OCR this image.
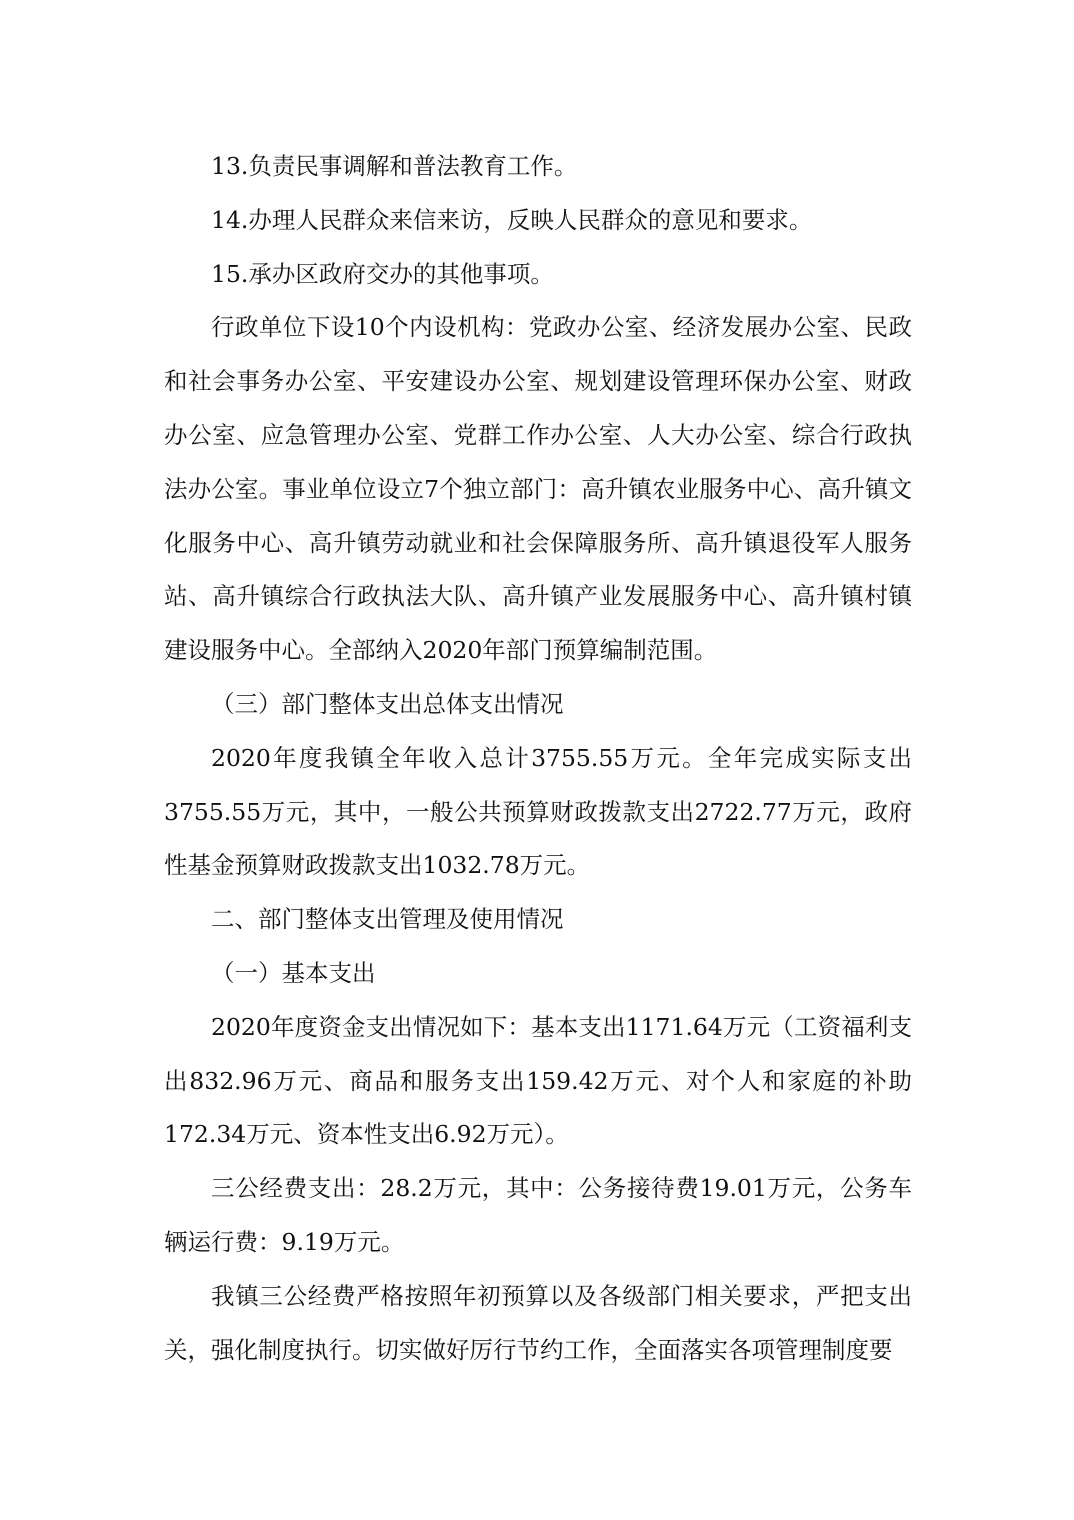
13.负责民事调解和普法教育工作。

14.办理人民群众来信来访，反映人民群众的意见和要求。

15.承办区政府交办的其他事项。

行政单位下设10个内设机构：党政办公室、经济发展办公室、民政和社会事务办公室、平安建设办公室、规划建设管理环保办公室、财政办公室、应急管理办公室、党群工作办公室、人大办公室、综合行政执法办公室。事业单位设立7个独立部门：高升镇农业服务中心、高升镇文化服务中心、高升镇劳动就业和社会保障服务所、高升镇退役军人服务站、高升镇综合行政执法大队、高升镇产业发展服务中心、高升镇村镇建设服务中心。全部纳入2020年部门预算编制范围。

（三）部门整体支出总体支出情况

2020年度我镇全年收入总计3755.55万元。全年完成实际支出3755.55万元，其中，一般公共预算财政拨款支出2722.77万元，政府性基金预算财政拨款支出1032.78万元。

二、部门整体支出管理及使用情况

（一）基本支出

2020年度资金支出情况如下：基本支出1171.64万元（工资福利支出832.96万元、商品和服务支出159.42万元、对个人和家庭的补助172.34万元、资本性支出6.92万元）。

三公经费支出：28.2万元，其中：公务接待费19.01万元，公务车辆运行费：9.19万元。

我镇三公经费严格按照年初预算以及各级部门相关要求，严把支出关，强化制度执行。切实做好厉行节约工作，全面落实各项管理制度要
